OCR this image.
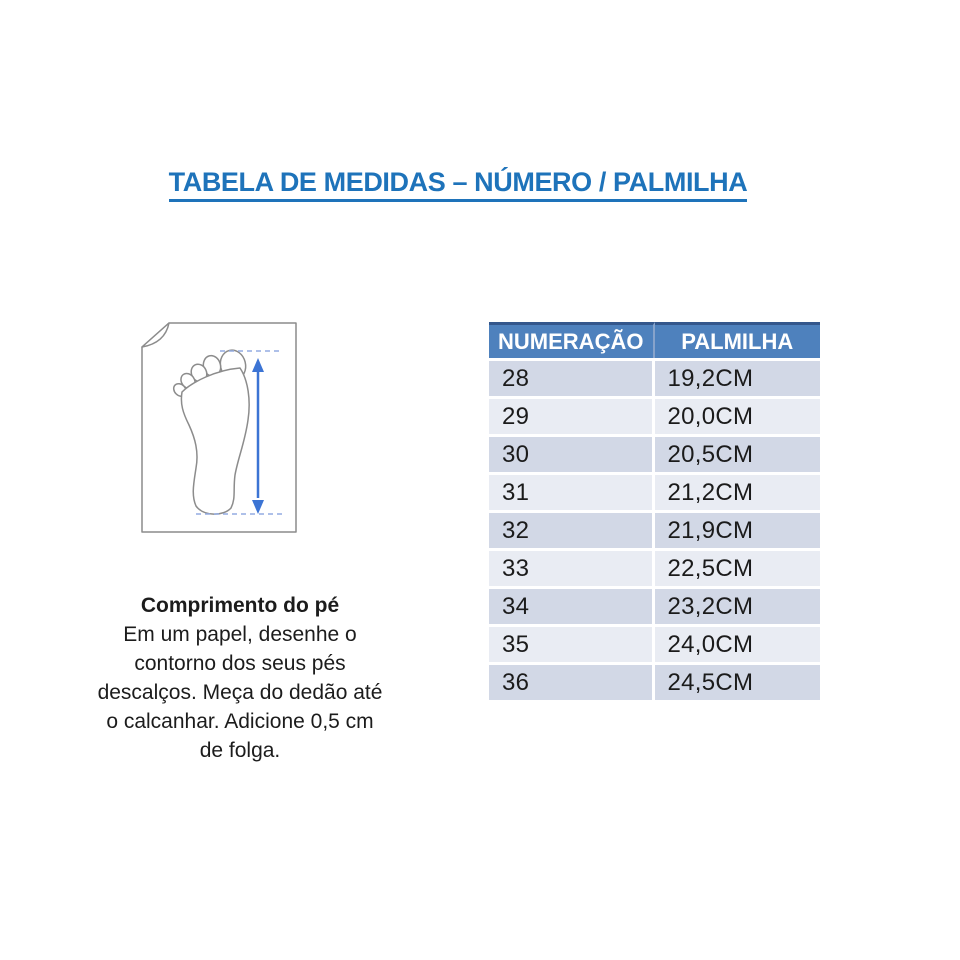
TABELA DE MEDIDAS – NÚMERO / PALMILHA
Comprimento do pé
Em um papel, desenhe o
contorno dos seus pés
descalços. Meça do dedão até
o calcanhar. Adicione 0,5 cm
de folga.
NUMERAÇÃO	PALMILHA
28	19,2CM
29	20,0CM
30	20,5CM
31	21,2CM
32	21,9CM
33	22,5CM
34	23,2CM
35	24,0CM
36	24,5CM
